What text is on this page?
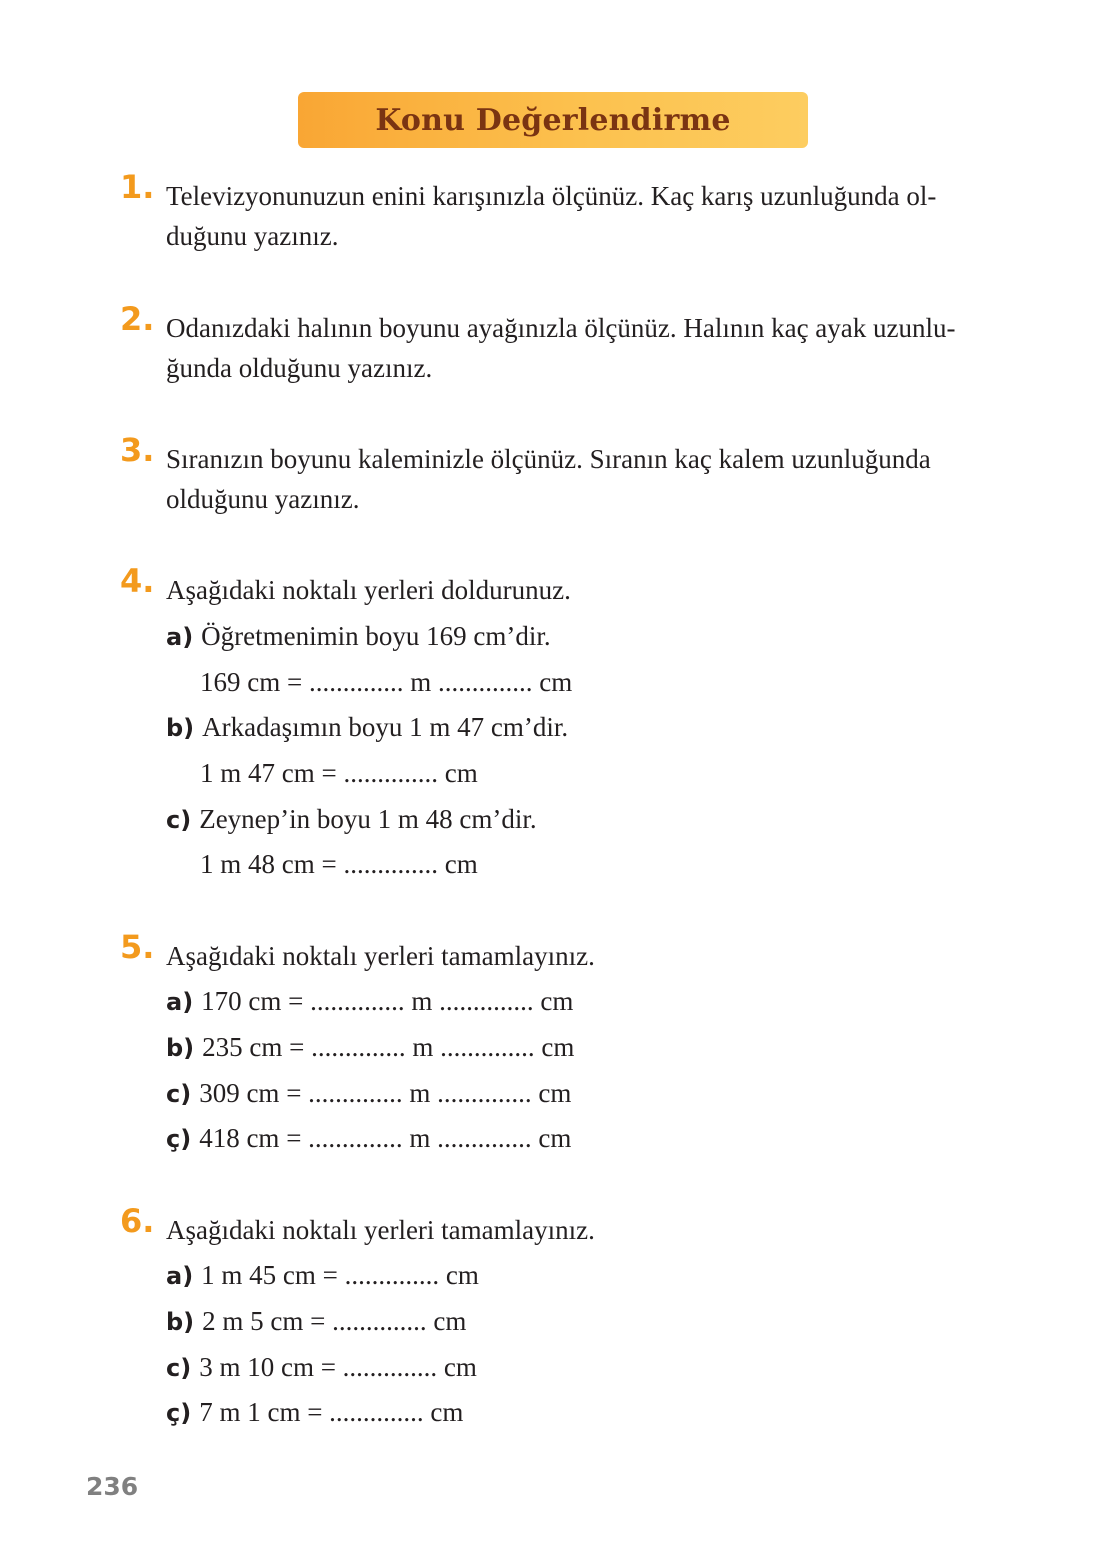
Konu Değerlendirme
1. Televizyonunuzun enini karışınızla ölçünüz. Kaç karış uzunluğunda ol-
duğunu yazınız.
2. Odanızdaki halının boyunu ayağınızla ölçünüz. Halının kaç ayak uzunlu-
ğunda olduğunu yazınız.
3. Sıranızın boyunu kaleminizle ölçünüz. Sıranın kaç kalem uzunluğunda
olduğunu yazınız.
4. Aşağıdaki noktalı yerleri doldurunuz.
a) Öğretmenimin boyu 169 cm’dir.
169 cm = .............. m .............. cm
b) Arkadaşımın boyu 1 m 47 cm’dir.
1 m 47 cm = .............. cm
c) Zeynep’in boyu 1 m 48 cm’dir.
1 m 48 cm = .............. cm
5. Aşağıdaki noktalı yerleri tamamlayınız.
a) 170 cm = .............. m .............. cm
b) 235 cm = .............. m .............. cm
c) 309 cm = .............. m .............. cm
ç) 418 cm = .............. m .............. cm
6. Aşağıdaki noktalı yerleri tamamlayınız.
a) 1 m 45 cm = .............. cm
b) 2 m 5 cm = .............. cm
c) 3 m 10 cm = .............. cm
ç) 7 m 1 cm = .............. cm
236
